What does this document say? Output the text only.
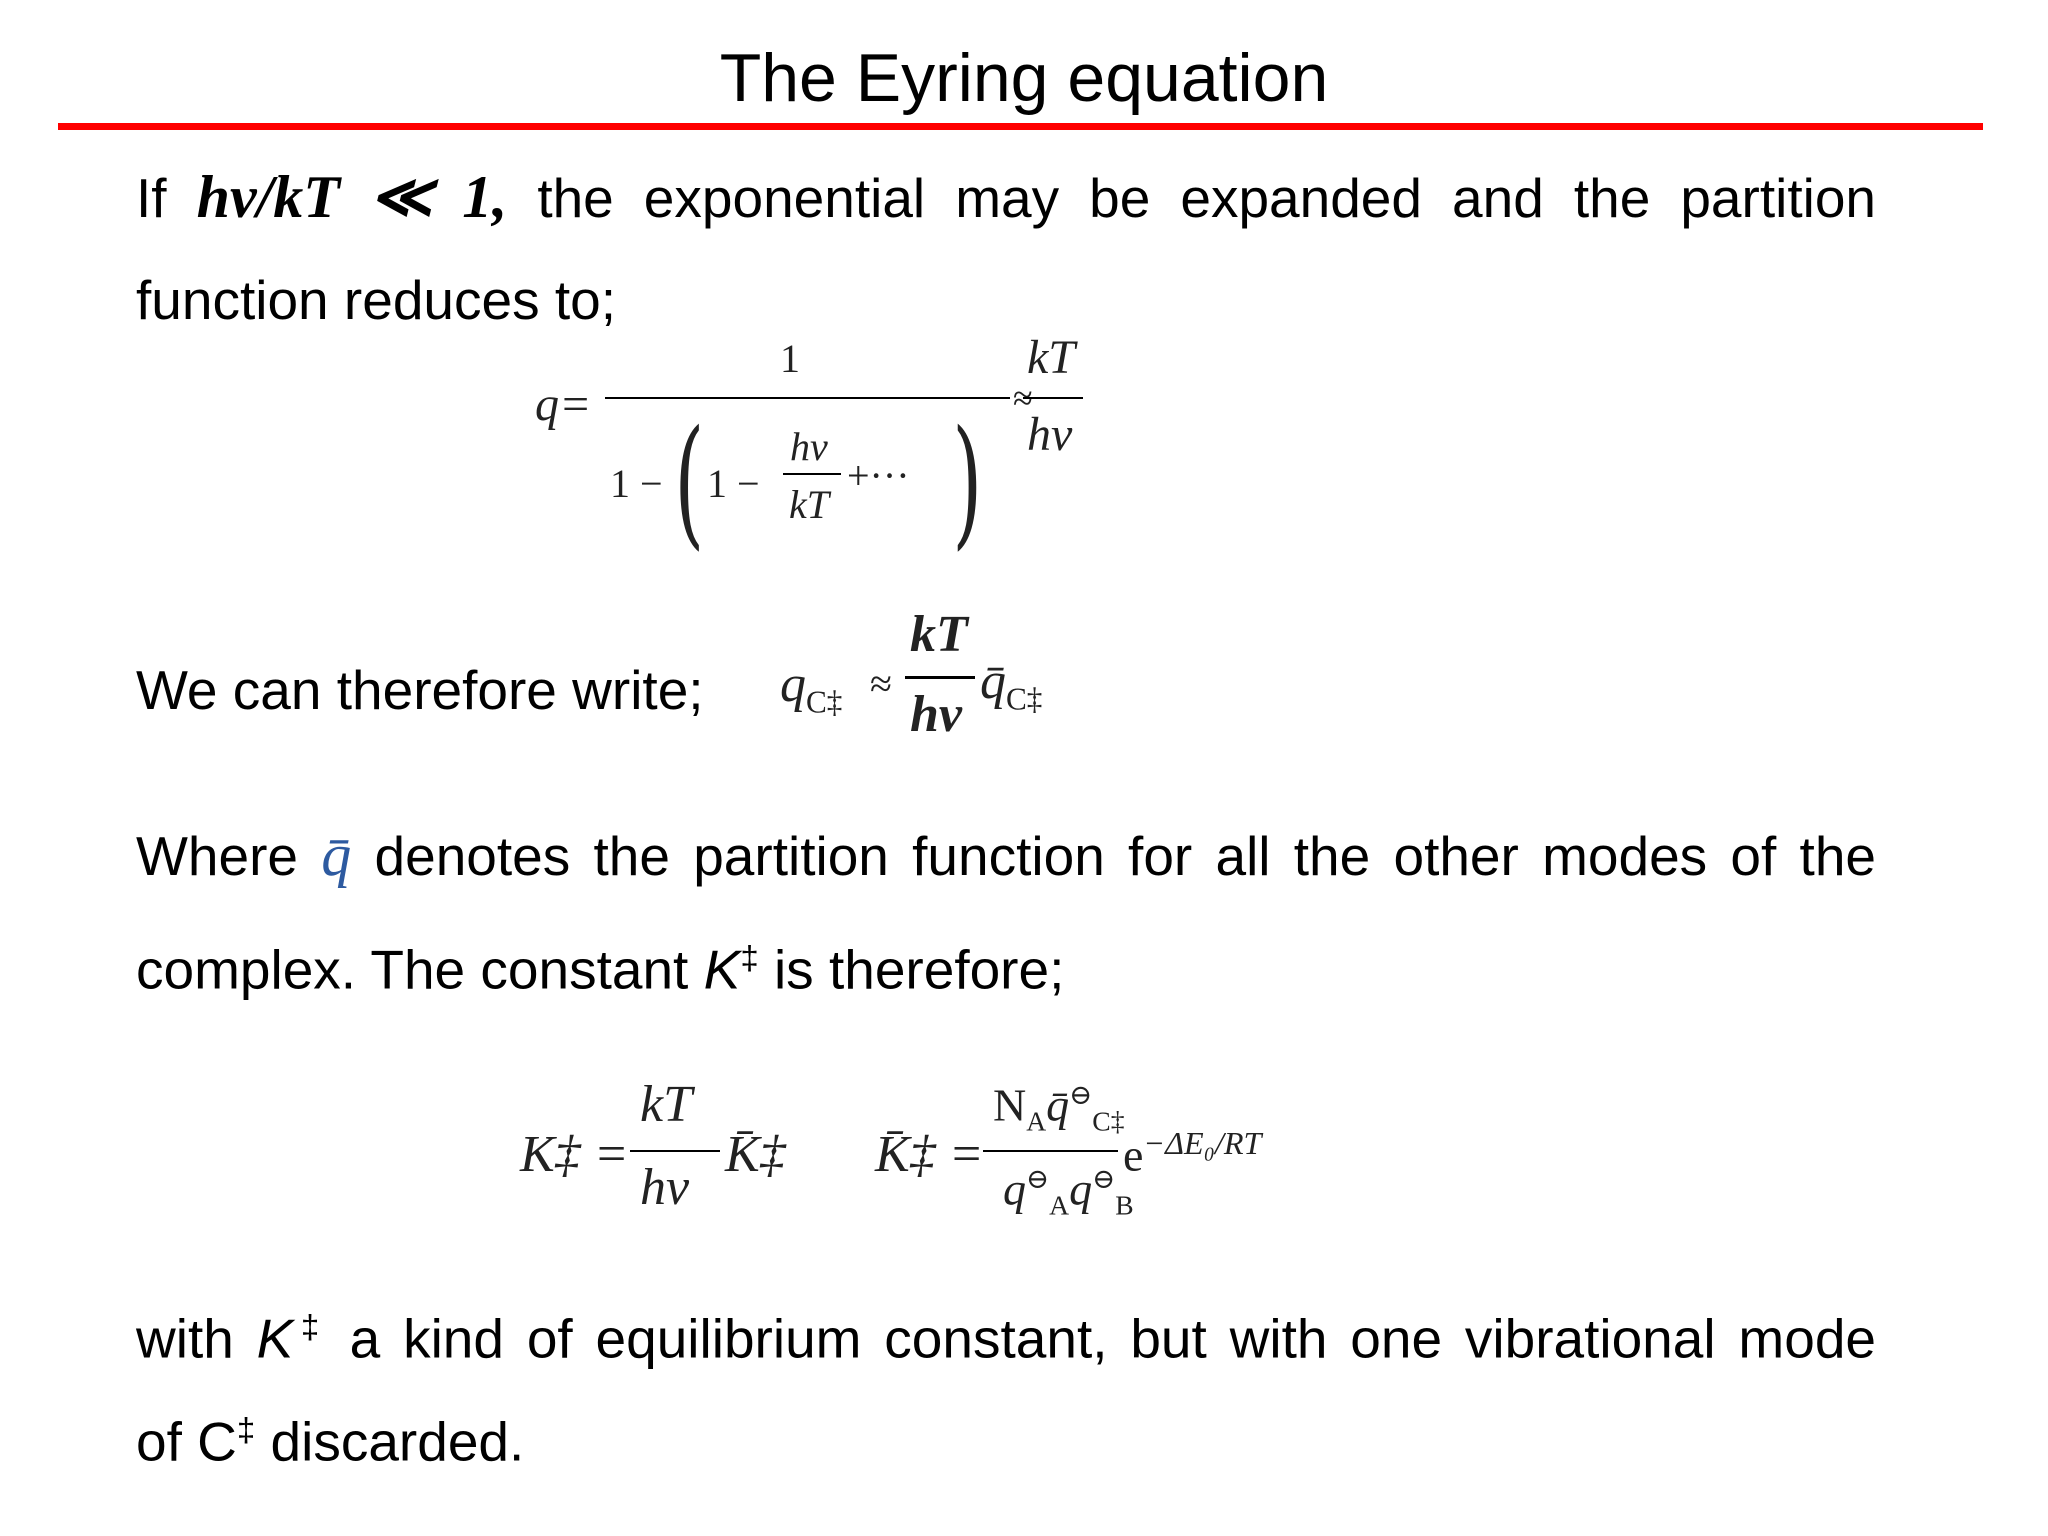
The Eyring equation
If hν/kT ≪ 1, the exponential may be expanded and the partition
function reduces to;
q=
1
1 − ( 1 −
hν
kT
+··· )
≈
kT
hν
We can therefore write;	$q_{C\ddagger}$ ≈
kT
hν
$q̄_{C\ddagger}$
Where q̄ denotes the partition function for all the other modes of the
complex. The constant K‡ is therefore;
K‡ =
kT
hν
K̄‡ K̄‡ =
$N_Aq̄^⊖_{C\ddagger}$
$q^⊖_Aq^⊖_B$
$e^{-\Delta E_0/RT}$
with K‡ a kind of equilibrium constant, but with one vibrational mode
of C‡ discarded.
